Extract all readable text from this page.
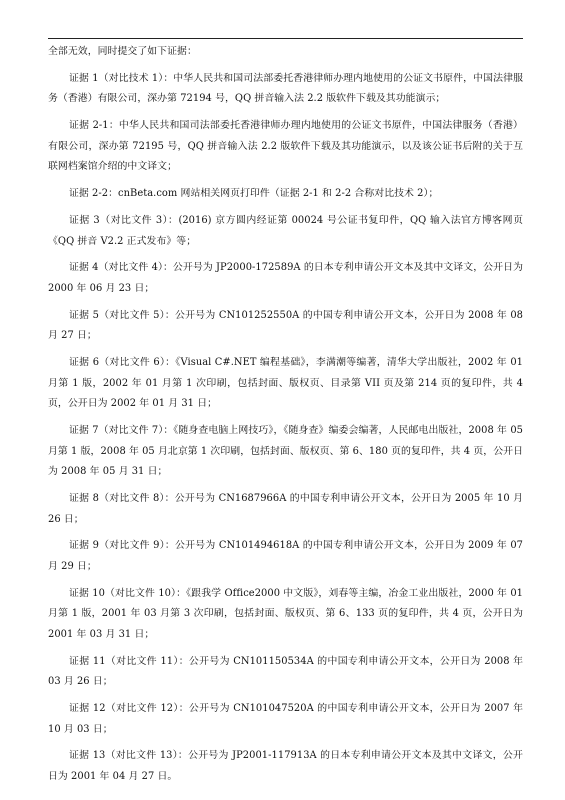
全部无效，同时提交了如下证据：

证据 1（对比技术 1）：中华人民共和国司法部委托香港律师办理内地使用的公证文书原件，中国法律服务（香港）有限公司，深办第 72194 号，QQ 拼音输入法 2.2 版软件下载及其功能演示；

证据 2-1：中华人民共和国司法部委托香港律师办理内地使用的公证文书原件，中国法律服务（香港）有限公司，深办第 72195 号，QQ 拼音输入法 2.2 版软件下载及其功能演示，以及该公证书后附的关于互联网档案馆介绍的中文译文；

证据 2-2：cnBeta.com 网站相关网页打印件（证据 2-1 和 2-2 合称对比技术 2）；

证据 3（对比文件 3）：(2016) 京方圆内经证第 00024 号公证书复印件，QQ 输入法官方博客网页《QQ 拼音 V2.2 正式发布》等；

证据 4（对比文件 4）：公开号为 JP2000-172589A 的日本专利申请公开文本及其中文译文，公开日为 2000 年 06 月 23 日；

证据 5（对比文件 5）：公开号为 CN101252550A 的中国专利申请公开文本，公开日为 2008 年 08 月 27 日；

证据 6（对比文件 6）：《Visual C#.NET 编程基础》，李满潮等编著，清华大学出版社，2002 年 01 月第 1 版，2002 年 01 月第 1 次印刷，包括封面、版权页、目录第 VII 页及第 214 页的复印件，共 4 页，公开日为 2002 年 01 月 31 日；

证据 7（对比文件 7）：《随身查电脑上网技巧》，《随身查》编委会编著，人民邮电出版社，2008 年 05 月第 1 版，2008 年 05 月北京第 1 次印刷，包括封面、版权页、第 6、180 页的复印件，共 4 页，公开日为 2008 年 05 月 31 日；

证据 8（对比文件 8）：公开号为 CN1687966A 的中国专利申请公开文本，公开日为 2005 年 10 月 26 日；

证据 9（对比文件 9）：公开号为 CN101494618A 的中国专利申请公开文本，公开日为 2009 年 07 月 29 日；

证据 10（对比文件 10）：《跟我学 Office2000 中文版》，刘春等主编，冶金工业出版社，2000 年 01 月第 1 版，2001 年 03 月第 3 次印刷，包括封面、版权页、第 6、133 页的复印件，共 4 页，公开日为 2001 年 03 月 31 日；

证据 11（对比文件 11）：公开号为 CN101150534A 的中国专利申请公开文本，公开日为 2008 年 03 月 26 日；

证据 12（对比文件 12）：公开号为 CN101047520A 的中国专利申请公开文本，公开日为 2007 年 10 月 03 日；

证据 13（对比文件 13）：公开号为 JP2001-117913A 的日本专利申请公开文本及其中文译文，公开日为 2001 年 04 月 27 日。
